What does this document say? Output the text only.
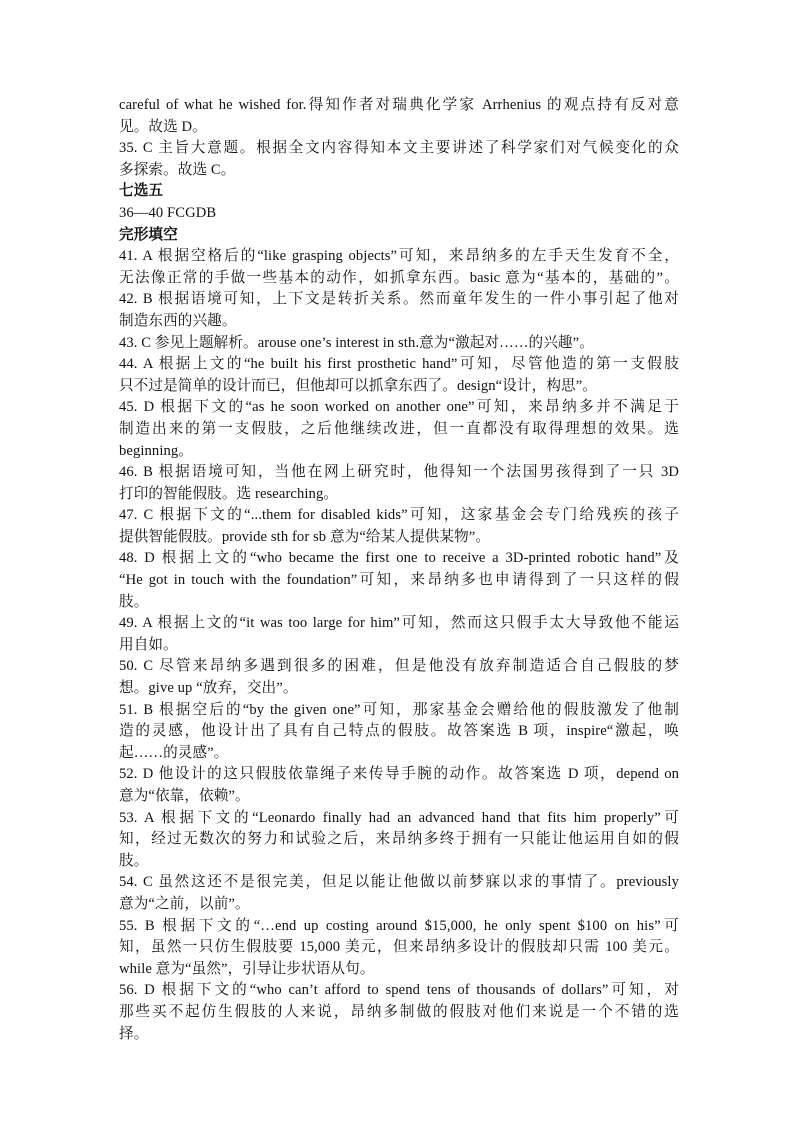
careful of what he wished for.得知作者对瑞典化学家 Arrhenius 的观点持有反对意
见。故选 D。
35. C 主旨大意题。根据全文内容得知本文主要讲述了科学家们对气候变化的众
多探索。故选 C。
七选五
36—40 FCGDB
完形填空
41. A 根据空格后的“like grasping objects”可知，来昂纳多的左手天生发育不全，
无法像正常的手做一些基本的动作，如抓拿东西。basic 意为“基本的，基础的”。
42. B 根据语境可知，上下文是转折关系。然而童年发生的一件小事引起了他对
制造东西的兴趣。
43. C 参见上题解析。arouse one’s interest in sth.意为“激起对……的兴趣”。
44. A 根据上文的“he built his first prosthetic hand”可知，尽管他造的第一支假肢
只不过是简单的设计而已，但他却可以抓拿东西了。design“设计，构思”。
45. D 根据下文的“as he soon worked on another one”可知，来昂纳多并不满足于
制造出来的第一支假肢，之后他继续改进，但一直都没有取得理想的效果。选
beginning。
46. B 根据语境可知，当他在网上研究时，他得知一个法国男孩得到了一只 3D
打印的智能假肢。选 researching。
47. C 根据下文的“...them for disabled kids”可知，这家基金会专门给残疾的孩子
提供智能假肢。provide sth for sb 意为“给某人提供某物”。
48. D 根据上文的“who became the first one to receive a 3D-printed robotic hand”及
“He got in touch with the foundation”可知，来昂纳多也申请得到了一只这样的假
肢。
49. A 根据上文的“it was too large for him”可知，然而这只假手太大导致他不能运
用自如。
50. C 尽管来昂纳多遇到很多的困难，但是他没有放弃制造适合自己假肢的梦
想。give up “放弃，交出”。
51. B 根据空后的“by the given one”可知，那家基金会赠给他的假肢激发了他制
造的灵感，他设计出了具有自己特点的假肢。故答案选 B 项，inspire“激起，唤
起……的灵感”。
52. D 他设计的这只假肢依靠绳子来传导手腕的动作。故答案选 D 项，depend on
意为“依靠，依赖”。
53. A 根据下文的“Leonardo finally had an advanced hand that fits him properly”可
知，经过无数次的努力和试验之后，来昂纳多终于拥有一只能让他运用自如的假
肢。
54. C 虽然这还不是很完美，但足以能让他做以前梦寐以求的事情了。previously
意为“之前，以前”。
55. B 根据下文的“…end up costing around $15,000, he only spent $100 on his”可
知，虽然一只仿生假肢要 15,000 美元，但来昂纳多设计的假肢却只需 100 美元。
while 意为“虽然”，引导让步状语从句。
56. D 根据下文的“who can’t afford to spend tens of thousands of dollars”可知，对
那些买不起仿生假肢的人来说，昂纳多制做的假肢对他们来说是一个不错的选
择。
